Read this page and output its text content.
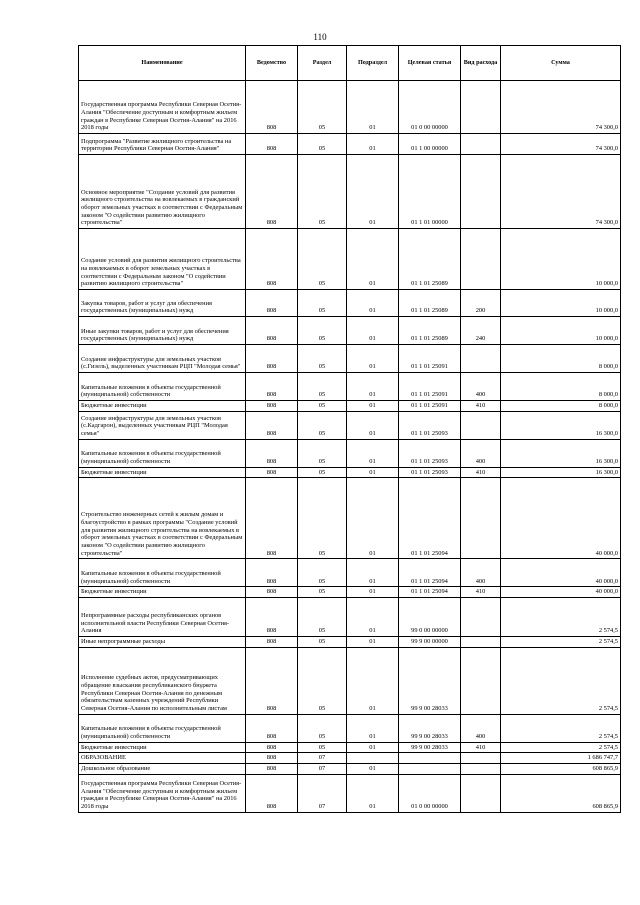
110
Наименование	Ведомство	Раздел	Подраздел	Целевая статья	Вид расхода	Сумма
Государственная программа Республики Северная Осетия-Алания "Обеспечение доступным и комфортным жильем граждан в Республике Северная Осетия-Алания" на 2016 2018 годы	808	05	01	01 0 00 00000		74 300,0
Подпрограмма "Развитие жилищного строительства на территории Республики Северная Осетия-Алания"	808	05	01	01 1 00 00000		74 300,0
Основное мероприятие "Создание условий для развития жилищного строительства на вовлекаемых в гражданский оборот земельных участках в соответствии с Федеральным законом "О содействии развитию жилищного строительства"	808	05	01	01 1 01 00000		74 300,0
Создание условий для развития жилищного строительства на вовлекаемых в оборот земельных участках в соответствии с Федеральным законом "О содействии развитию жилищного строительства"	808	05	01	01 1 01 25089		10 000,0
Закупка товаров, работ и услуг для обеспечения государственных (муниципальных) нужд	808	05	01	01 1 01 25089	200	10 000,0
Иные закупки товаров, работ и услуг для обеспечения государственных (муниципальных) нужд	808	05	01	01 1 01 25089	240	10 000,0
Создание инфраструктуры для земельных участков (с.Гизель), выделенных участникам РЦП "Молодая семья"	808	05	01	01 1 01 25091		8 000,0
Капитальные вложения в объекты государственной (муниципальной) собственности	808	05	01	01 1 01 25091	400	8 000,0
Бюджетные инвестиции	808	05	01	01 1 01 25091	410	8 000,0
Создание инфраструктуры для земельных участков (с.Кадгарон), выделенных участникам РЦП "Молодая семья"	808	05	01	01 1 01 25093		16 300,0
Капитальные вложения в объекты государственной (муниципальной) собственности	808	05	01	01 1 01 25093	400	16 300,0
Бюджетные инвестиции	808	05	01	01 1 01 25093	410	16 300,0
Строительство инженерных сетей к жилым домам и благоустройство в рамках программы "Создание условий для развития жилищного строительства на вовлекаемых в оборот земельных участках в соответствии с Федеральным законом "О содействии развитию жилищного строительства"	808	05	01	01 1 01 25094		40 000,0
Капитальные вложения в объекты государственной (муниципальной) собственности	808	05	01	01 1 01 25094	400	40 000,0
Бюджетные инвестиции	808	05	01	01 1 01 25094	410	40 000,0
Непрограммные расходы республиканских органов исполнительной власти Республики Северная Осетия-Алания	808	05	01	99 0 00 00000		2 574,5
Иные непрограммные расходы	808	05	01	99 9 00 00000		2 574,5
Исполнение судебных актов, предусматривающих обращение взыскания республиканского бюджета Республики Северная Осетия-Алания по денежным обязательствам казенных учреждений Республики Северная Осетия-Алания по исполнительным листам	808	05	01	99 9 00 28033		2 574,5
Капитальные вложения в объекты государственной (муниципальной) собственности	808	05	01	99 9 00 28033	400	2 574,5
Бюджетные инвестиции	808	05	01	99 9 00 28033	410	2 574,5
ОБРАЗОВАНИЕ	808	07				1 686 747,7
Дошкольное образование	808	07	01			608 865,9
Государственная программа Республики Северная Осетия-Алания "Обеспечение доступным и комфортным жильем граждан в Республике Северная Осетия-Алания" на 2016 2018 годы	808	07	01	01 0 00 00000		608 865,9
